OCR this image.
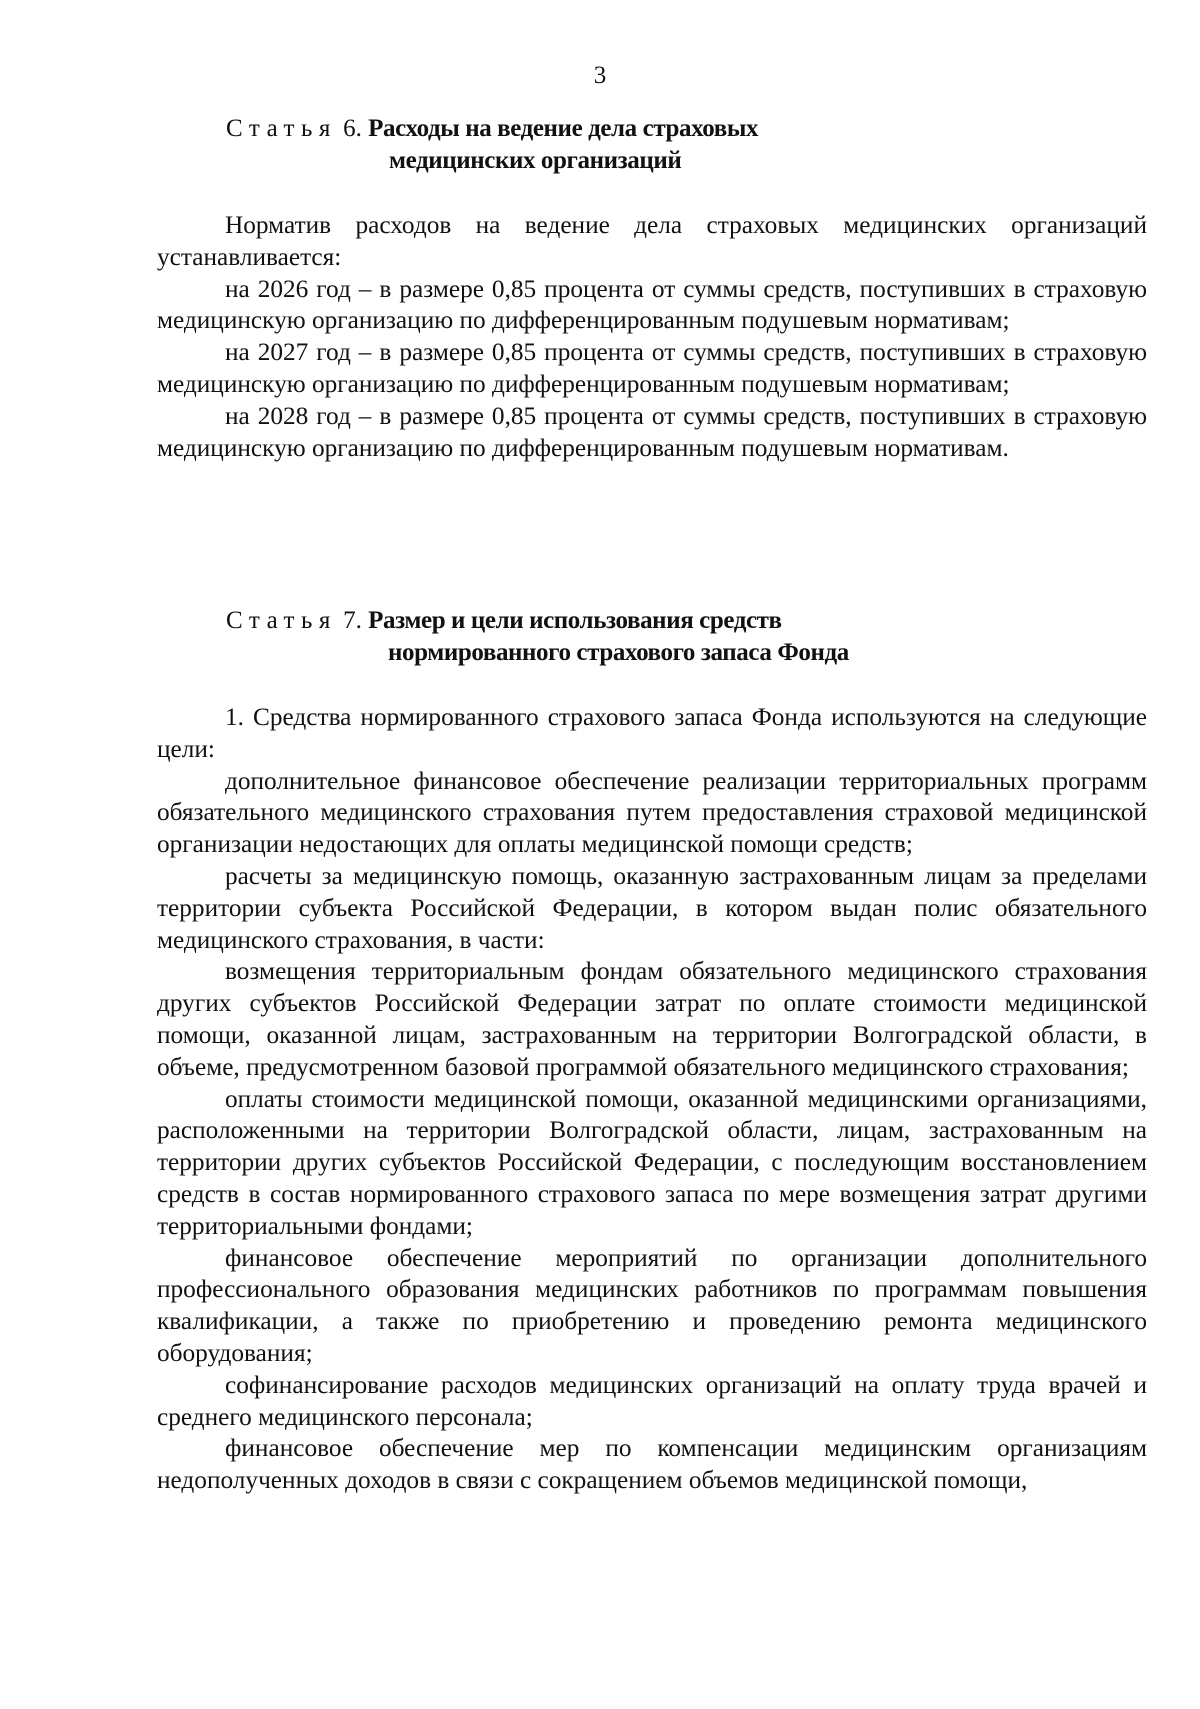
3
Статья 6. Расходы на ведение дела страховых
медицинских организаций

Норматив расходов на ведение дела страховых медицинских организаций устанавливается:

на 2026 год – в размере 0,85 процента от суммы средств, поступивших в страховую медицинскую организацию по дифференцированным подушевым нормативам;

на 2027 год – в размере 0,85 процента от суммы средств, поступивших в страховую медицинскую организацию по дифференцированным подушевым нормативам;

на 2028 год – в размере 0,85 процента от суммы средств, поступивших в страховую медицинскую организацию по дифференцированным подушевым нормативам.

Статья 7. Размер и цели использования средств
нормированного страхового запаса Фонда

1. Средства нормированного страхового запаса Фонда используются на следующие цели:

дополнительное финансовое обеспечение реализации территориальных программ обязательного медицинского страхования путем предоставления страховой медицинской организации недостающих для оплаты медицинской помощи средств;

расчеты за медицинскую помощь, оказанную застрахованным лицам за пределами территории субъекта Российской Федерации, в котором выдан полис обязательного медицинского страхования, в части:

возмещения территориальным фондам обязательного медицинского страхования других субъектов Российской Федерации затрат по оплате стоимости медицинской помощи, оказанной лицам, застрахованным на территории Волгоградской области, в объеме, предусмотренном базовой программой обязательного медицинского страхования;

оплаты стоимости медицинской помощи, оказанной медицинскими организациями, расположенными на территории Волгоградской области, лицам, застрахованным на территории других субъектов Российской Федерации, с последующим восстановлением средств в состав нормированного страхового запаса по мере возмещения затрат другими территориальными фондами;

финансовое обеспечение мероприятий по организации дополнительного профессионального образования медицинских работников по программам повышения квалификации, а также по приобретению и проведению ремонта медицинского оборудования;

софинансирование расходов медицинских организаций на оплату труда врачей и среднего медицинского персонала;

финансовое обеспечение мер по компенсации медицинским организациям недополученных доходов в связи с сокращением объемов медицинской помощи,
